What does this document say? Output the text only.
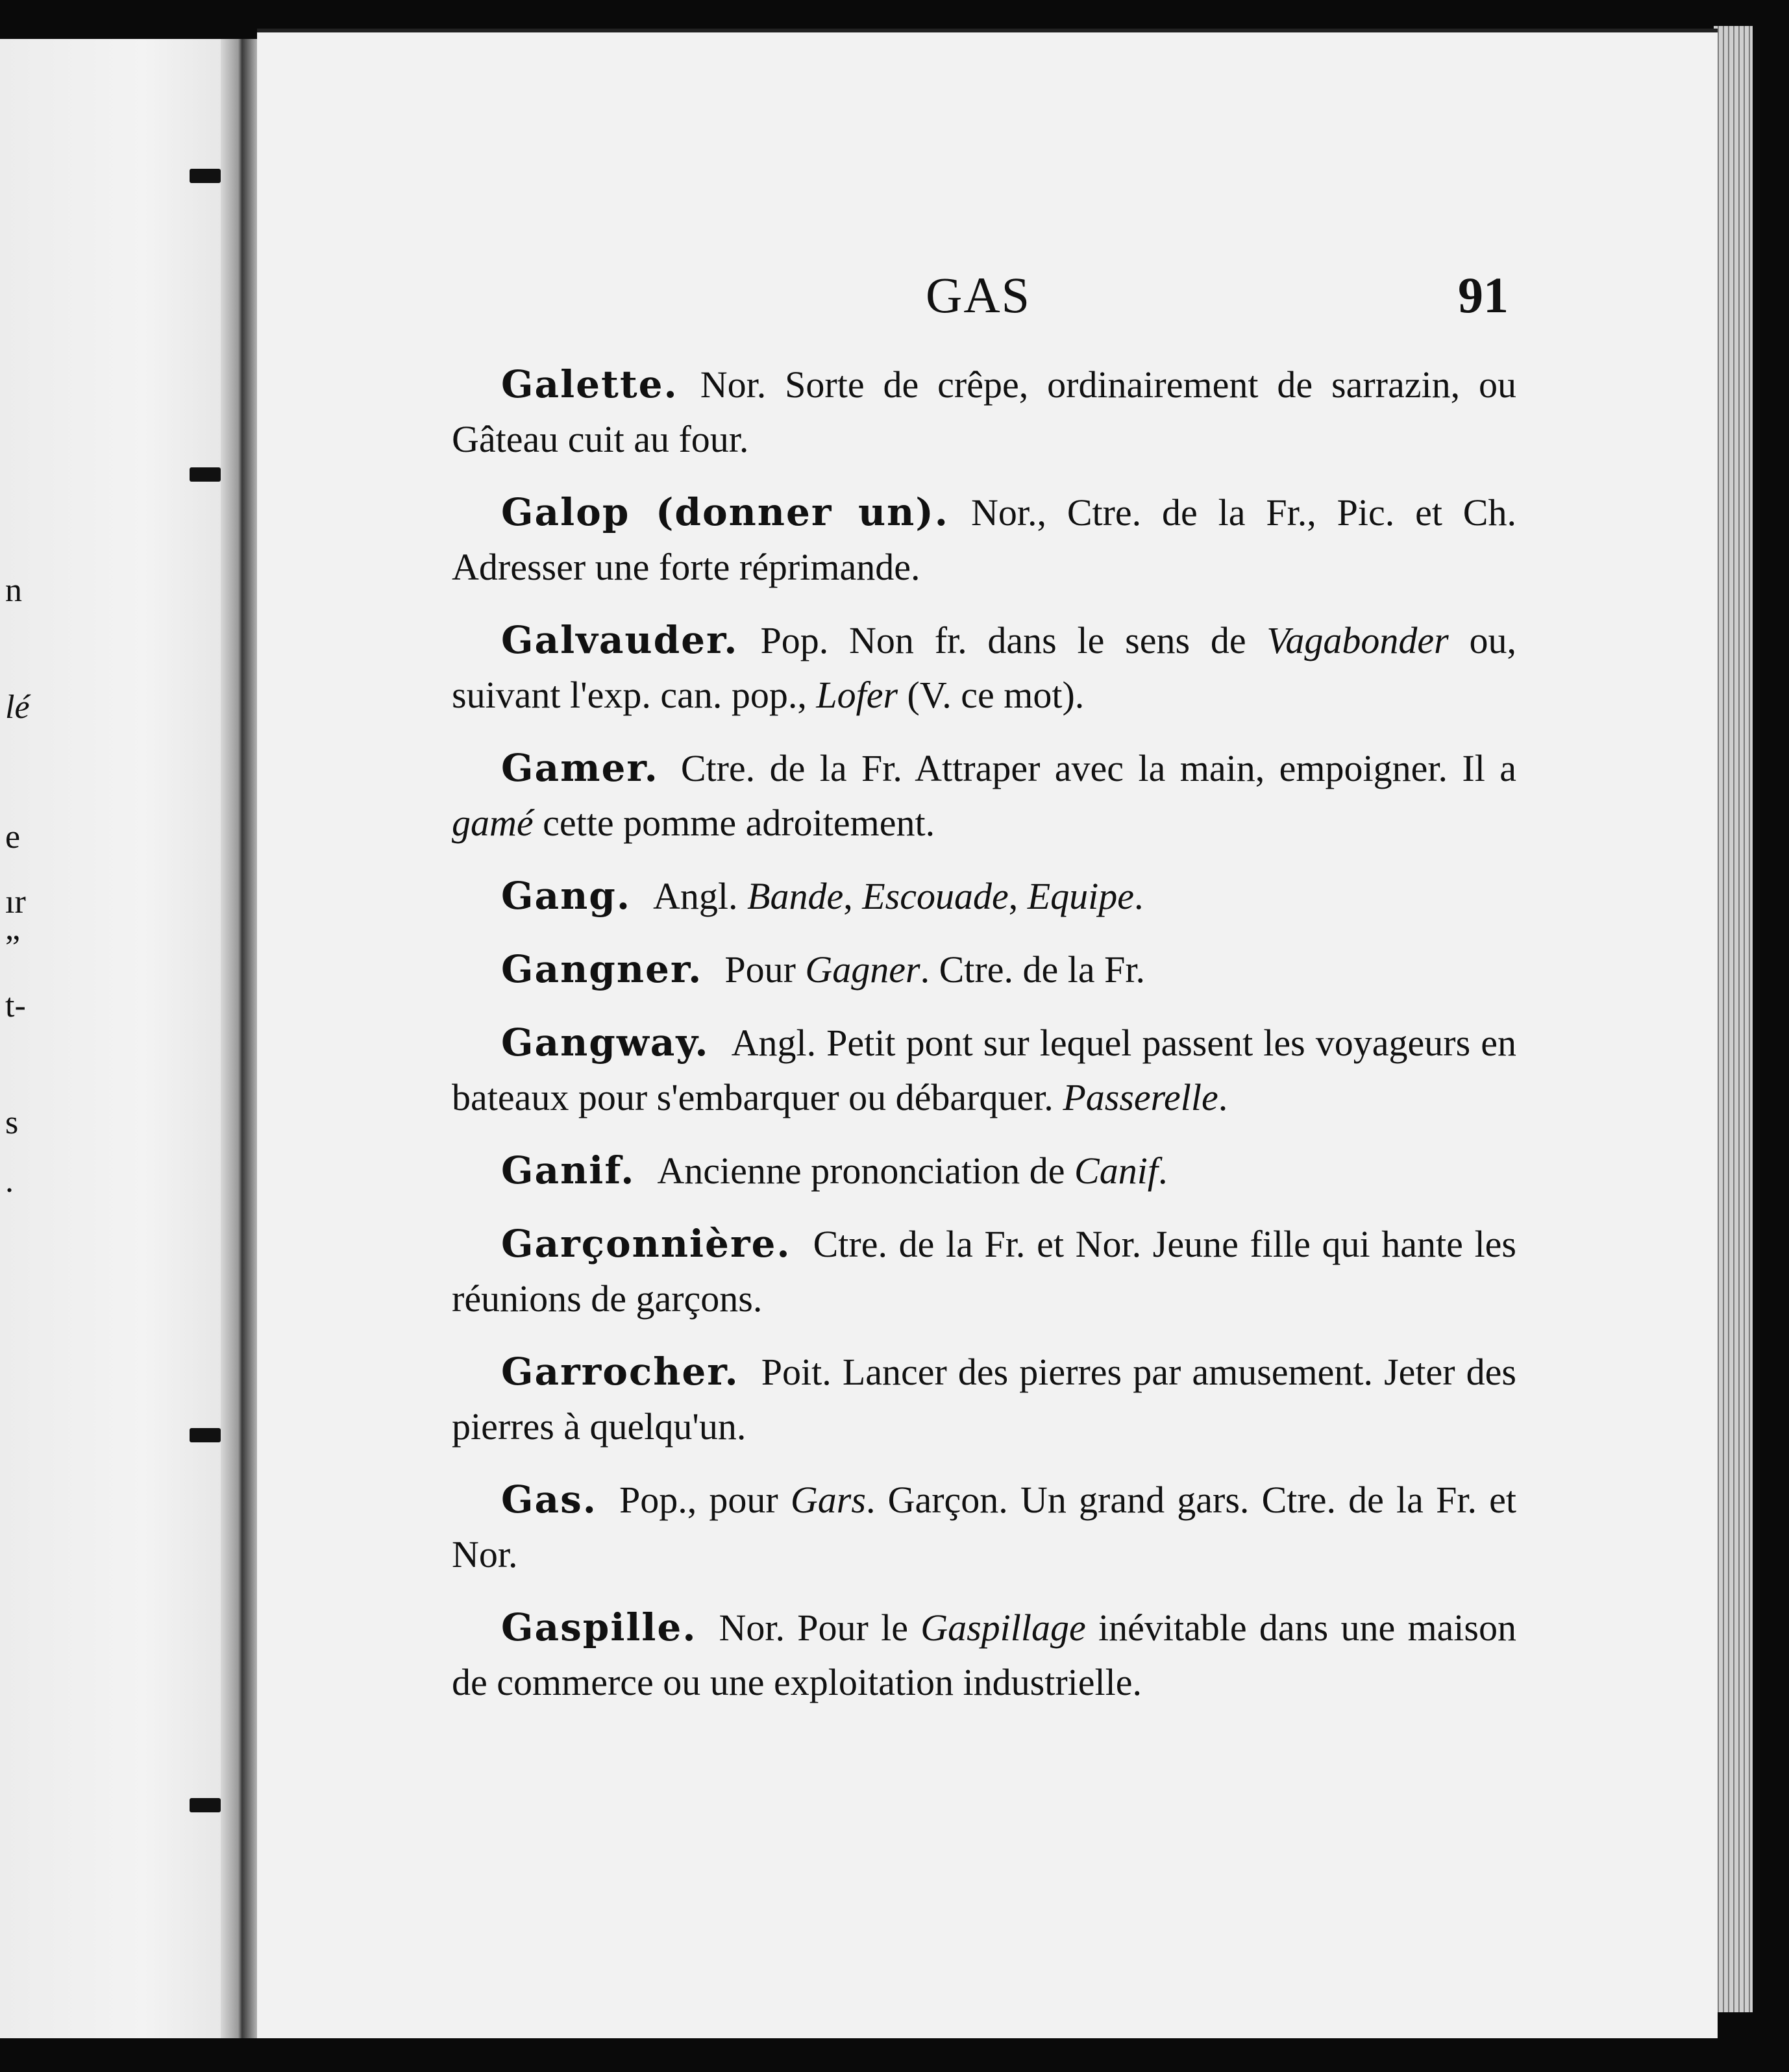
n
lé
e
ır
”
t-
s
.
GAS	91

Galette. Nor. Sorte de crêpe, ordinairement de sarrazin, ou Gâteau cuit au four.

Galop (donner un). Nor., Ctre. de la Fr., Pic. et Ch. Adresser une forte réprimande.

Galvauder. Pop. Non fr. dans le sens de Vagabonder ou, suivant l'exp. can. pop., Lofer (V. ce mot).

Gamer. Ctre. de la Fr. Attraper avec la main, empoigner. Il a gamé cette pomme adroitement.

Gang. Angl. Bande, Escouade, Equipe.

Gangner. Pour Gagner. Ctre. de la Fr.

Gangway. Angl. Petit pont sur lequel passent les voyageurs en bateaux pour s'embarquer ou débarquer. Passerelle.

Ganif. Ancienne prononciation de Canif.

Garçonnière. Ctre. de la Fr. et Nor. Jeune fille qui hante les réunions de garçons.

Garrocher. Poit. Lancer des pierres par amusement. Jeter des pierres à quelqu'un.

Gas. Pop., pour Gars. Garçon. Un grand gars. Ctre. de la Fr. et Nor.

Gaspille. Nor. Pour le Gaspillage inévitable dans une maison de commerce ou une exploitation industrielle.
